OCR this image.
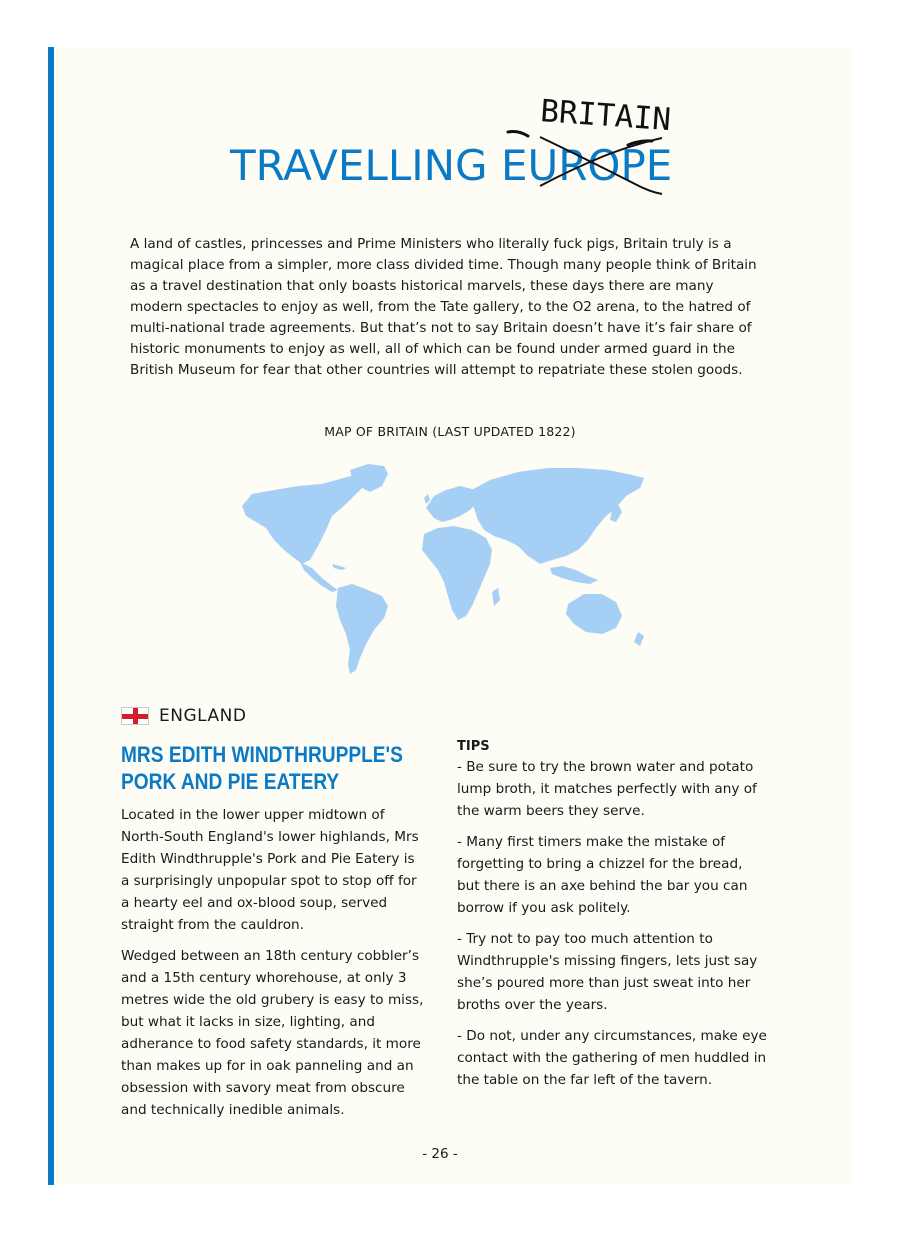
TRAVELLING EUROPE
BRITAIN

A land of castles, princesses and Prime Ministers who literally fuck pigs, Britain truly is a magical place from a simpler, more class divided time. Though many people think of Britain as a travel destination that only boasts historical marvels, these days there are many modern spectacles to enjoy as well, from the Tate gallery, to the O2 arena, to the hatred of multi-national trade agreements. But that’s not to say Britain doesn’t have it’s fair share of historic monuments to enjoy as well, all of which can be found under armed guard in the British Museum for fear that other countries will attempt to repatriate these stolen goods.

MAP OF BRITAIN (LAST UPDATED 1822)
ENGLAND
MRS EDITH WINDTHRUPPLE'S
PORK AND PIE EATERY

Located in the lower upper midtown of North-South England's lower highlands, Mrs Edith Windthrupple's Pork and Pie Eatery is a surprisingly unpopular spot to stop off for a hearty eel and ox-blood soup, served straight from the cauldron.

Wedged between an 18th century cobbler’s and a 15th century whorehouse, at only 3 metres wide the old grubery is easy to miss, but what it lacks in size, lighting, and adherance to food safety standards, it more than makes up for in oak panneling and an obsession with savory meat from obscure and technically inedible animals.

TIPS

- Be sure to try the brown water and potato lump broth, it matches perfectly with any of the warm beers they serve.

- Many first timers make the mistake of forgetting to bring a chizzel for the bread, but there is an axe behind the bar you can borrow if you ask politely.

- Try not to pay too much attention to Windthrupple's missing fingers, lets just say she’s poured more than just sweat into her broths over the years.

- Do not, under any circumstances, make eye contact with the gathering of men huddled in the table on the far left of the tavern.

- 26 -
